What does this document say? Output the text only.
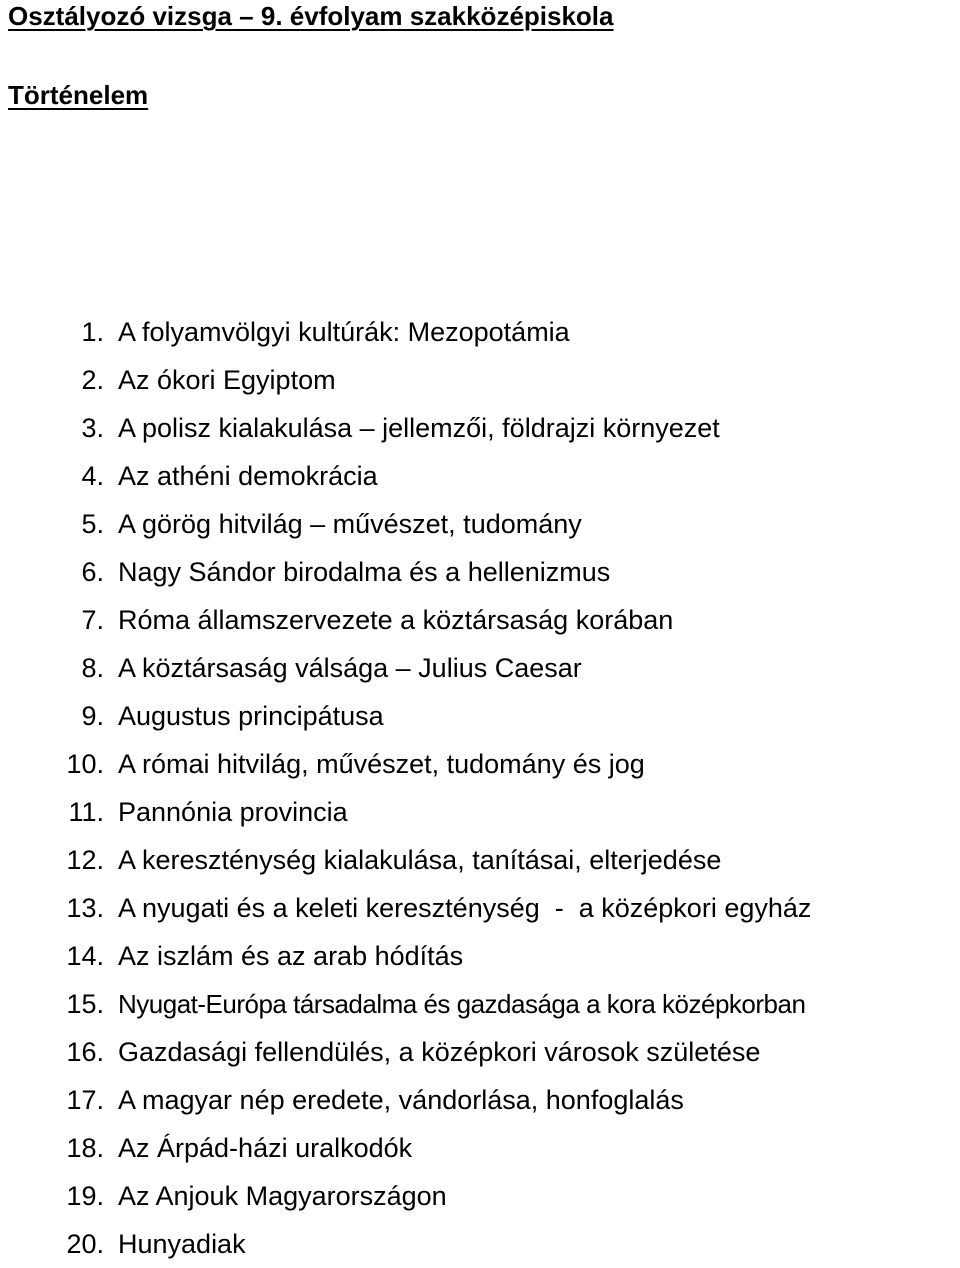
Osztályozó vizsga – 9. évfolyam szakközépiskola
Történelem
1. A folyamvölgyi kultúrák: Mezopotámia
2. Az ókori Egyiptom
3. A polisz kialakulása – jellemzői, földrajzi környezet
4. Az athéni demokrácia
5. A görög hitvilág – művészet, tudomány
6. Nagy Sándor birodalma és a hellenizmus
7. Róma államszervezete a köztársaság korában
8. A köztársaság válsága – Julius Caesar
9. Augustus principátusa
10. A római hitvilág, művészet, tudomány és jog
11. Pannónia provincia
12. A kereszténység kialakulása, tanításai, elterjedése
13. A nyugati és a keleti kereszténység  -  a középkori egyház
14. Az iszlám és az arab hódítás
15. Nyugat-Európa társadalma és gazdasága a kora középkorban
16. Gazdasági fellendülés, a középkori városok születése
17. A magyar nép eredete, vándorlása, honfoglalás
18. Az Árpád-házi uralkodók
19. Az Anjouk Magyarországon
20. Hunyadiak
